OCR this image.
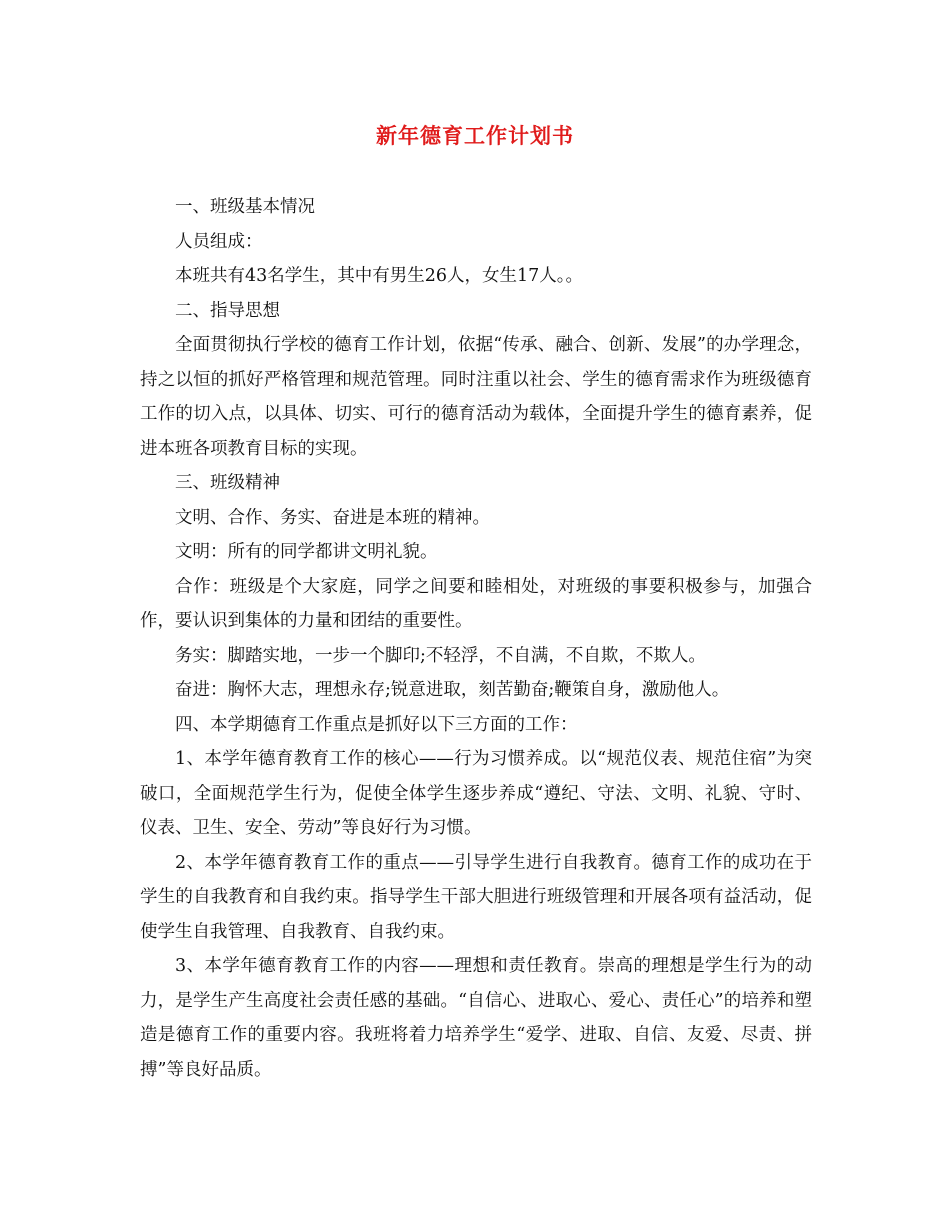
新年德育工作计划书

一、班级基本情况

人员组成：

本班共有43名学生，其中有男生26人，女生17人。。

二、指导思想

全面贯彻执行学校的德育工作计划，依据“传承、融合、创新、发展”的办学理念，持之以恒的抓好严格管理和规范管理。同时注重以社会、学生的德育需求作为班级德育工作的切入点，以具体、切实、可行的德育活动为载体，全面提升学生的德育素养，促进本班各项教育目标的实现。

三、班级精神

文明、合作、务实、奋进是本班的精神。

文明：所有的同学都讲文明礼貌。

合作：班级是个大家庭，同学之间要和睦相处，对班级的事要积极参与，加强合作，要认识到集体的力量和团结的重要性。

务实：脚踏实地，一步一个脚印;不轻浮，不自满，不自欺，不欺人。

奋进：胸怀大志，理想永存;锐意进取，刻苦勤奋;鞭策自身，激励他人。

四、本学期德育工作重点是抓好以下三方面的工作：

1、本学年德育教育工作的核心——行为习惯养成。以“规范仪表、规范住宿”为突破口，全面规范学生行为，促使全体学生逐步养成“遵纪、守法、文明、礼貌、守时、仪表、卫生、安全、劳动”等良好行为习惯。

2、本学年德育教育工作的重点——引导学生进行自我教育。德育工作的成功在于学生的自我教育和自我约束。指导学生干部大胆进行班级管理和开展各项有益活动，促使学生自我管理、自我教育、自我约束。

3、本学年德育教育工作的内容——理想和责任教育。崇高的理想是学生行为的动力，是学生产生高度社会责任感的基础。“自信心、进取心、爱心、责任心”的培养和塑造是德育工作的重要内容。我班将着力培养学生“爱学、进取、自信、友爱、尽责、拼搏”等良好品质。
